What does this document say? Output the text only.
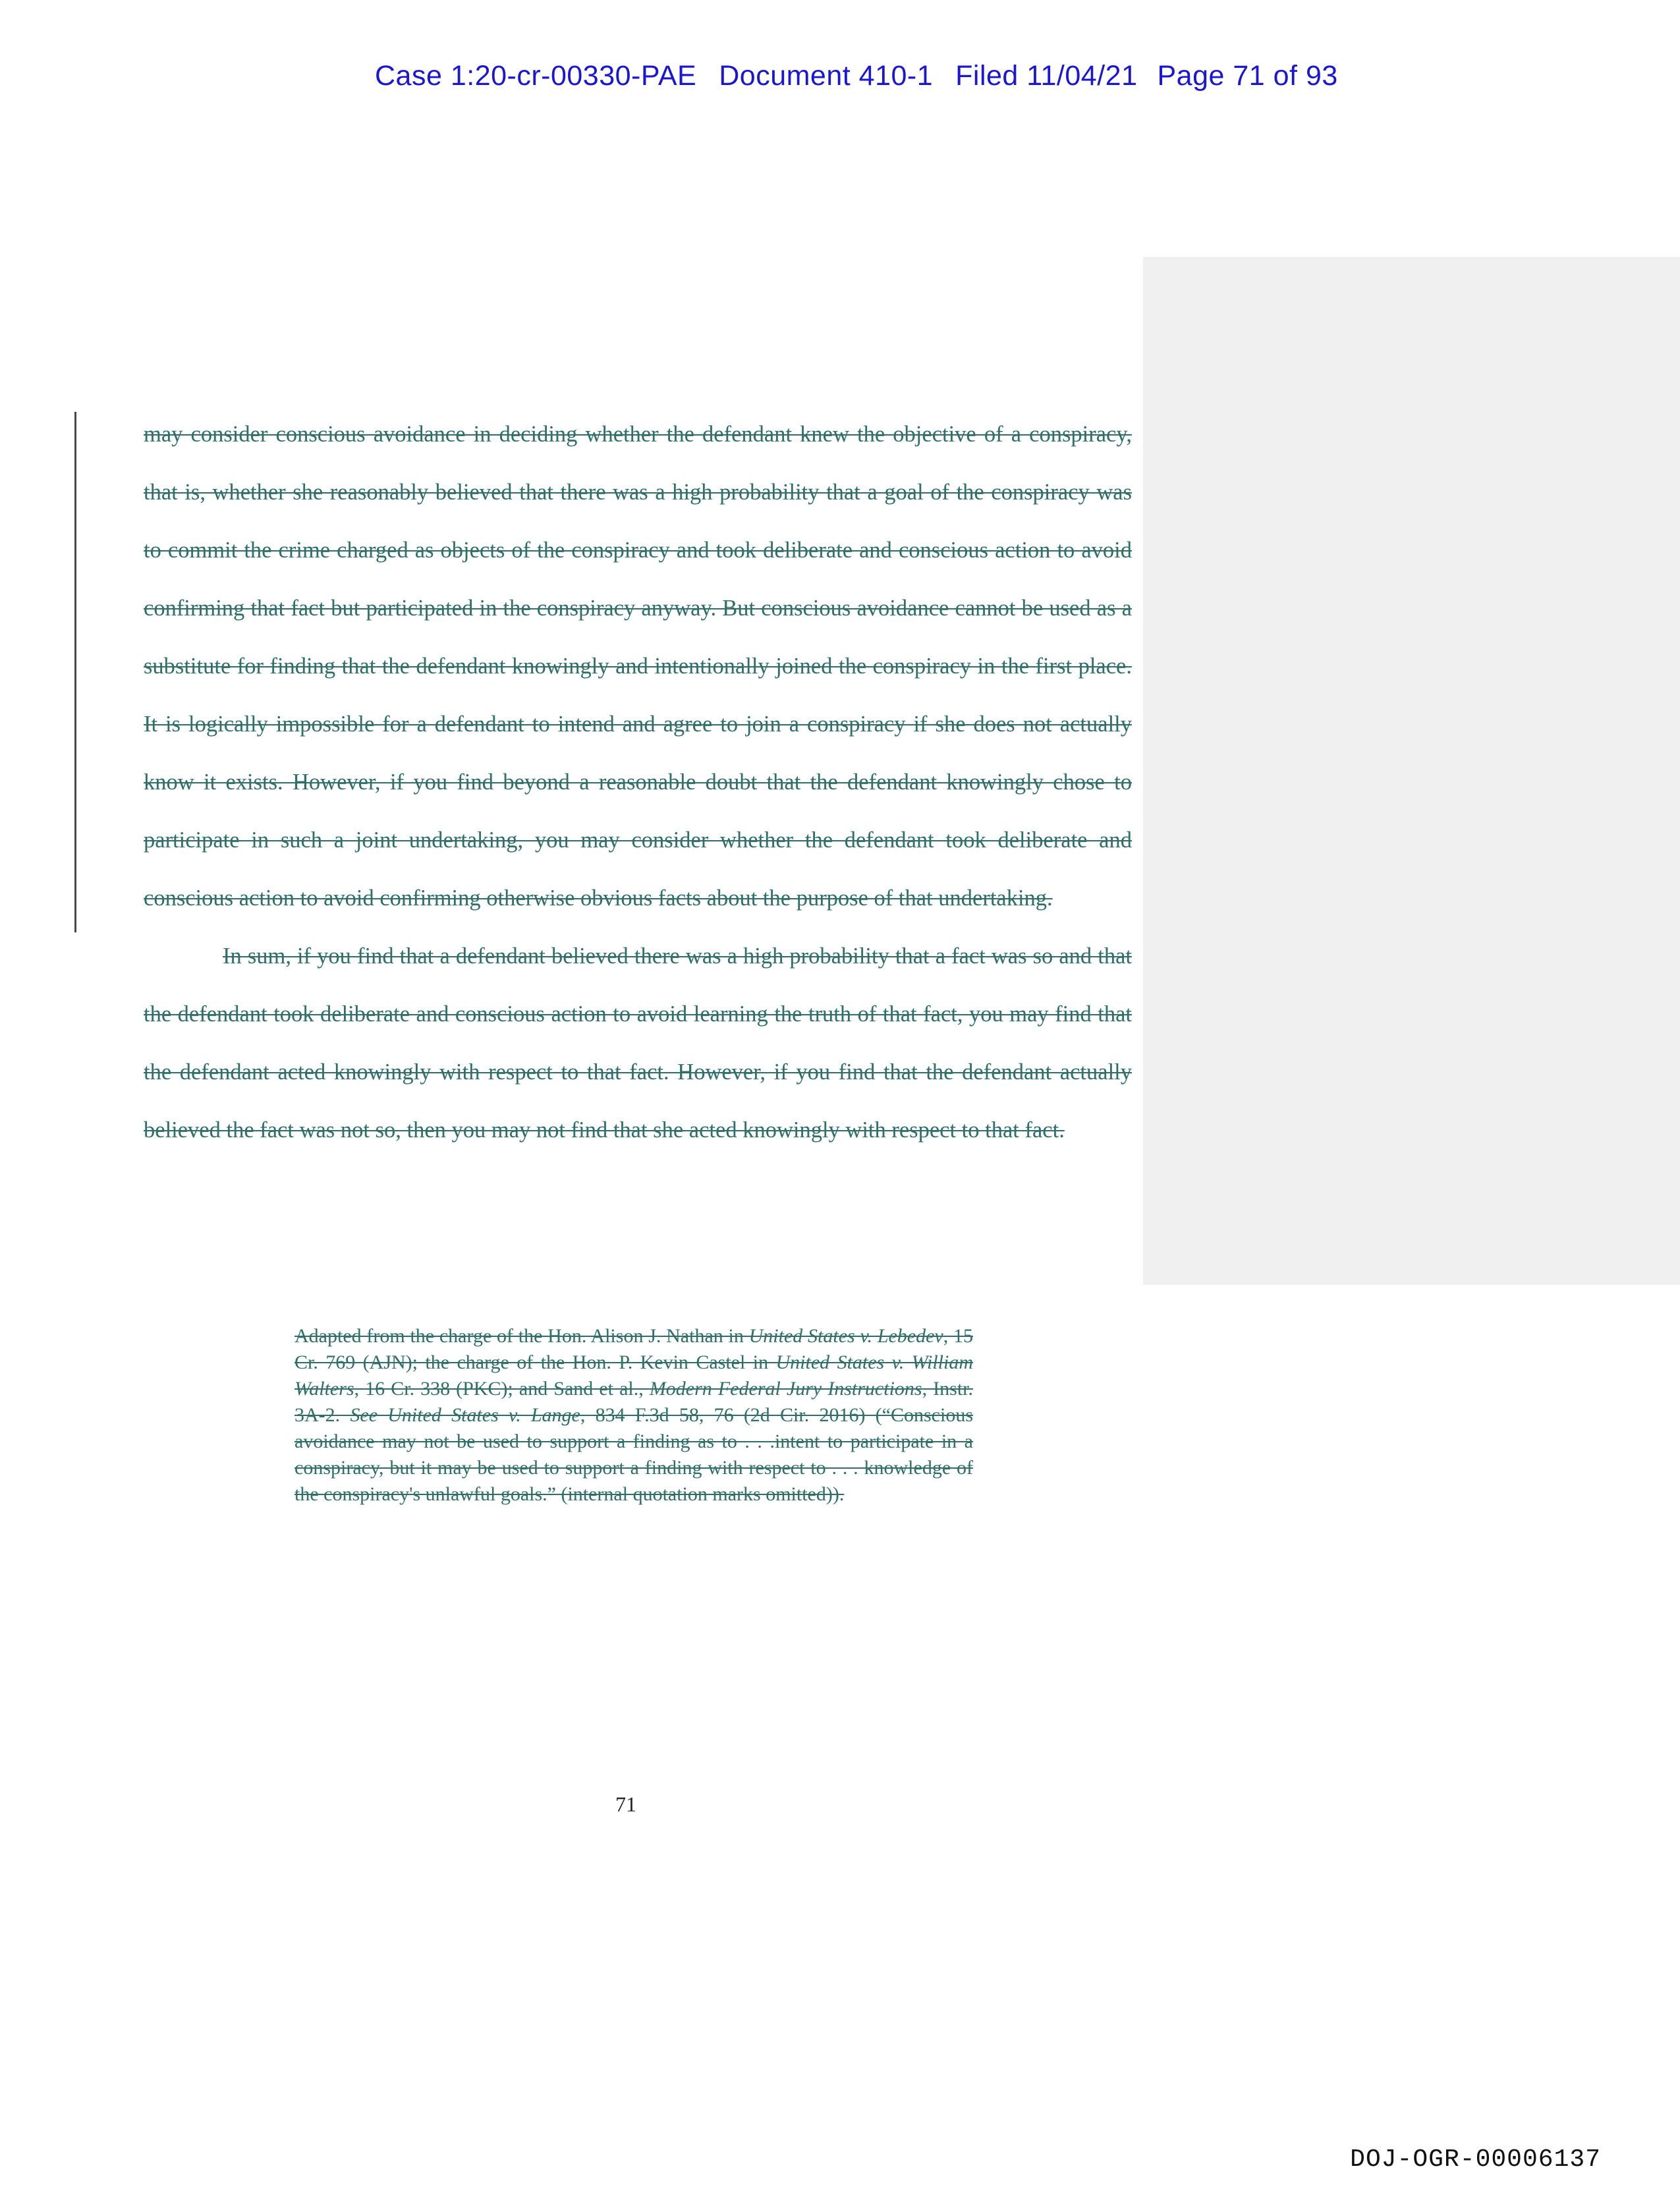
Case 1:20-cr-00330-PAE Document 410-1 Filed 11/04/21 Page 71 of 93

may consider conscious avoidance in deciding whether the defendant knew the objective of a conspiracy, that is, whether she reasonably believed that there was a high probability that a goal of the conspiracy was to commit the crime charged as objects of the conspiracy and took deliberate and conscious action to avoid confirming that fact but participated in the conspiracy anyway. But conscious avoidance cannot be used as a substitute for finding that the defendant knowingly and intentionally joined the conspiracy in the first place. It is logically impossible for a defendant to intend and agree to join a conspiracy if she does not actually know it exists. However, if you find beyond a reasonable doubt that the defendant knowingly chose to participate in such a joint undertaking, you may consider whether the defendant took deliberate and conscious action to avoid confirming otherwise obvious facts about the purpose of that undertaking.

In sum, if you find that a defendant believed there was a high probability that a fact was so and that the defendant took deliberate and conscious action to avoid learning the truth of that fact, you may find that the defendant acted knowingly with respect to that fact. However, if you find that the defendant actually believed the fact was not so, then you may not find that she acted knowingly with respect to that fact.

Adapted from the charge of the Hon. Alison J. Nathan in United States v. Lebedev, 15 Cr. 769 (AJN); the charge of the Hon. P. Kevin Castel in United States v. William Walters, 16 Cr. 338 (PKC); and Sand et al., Modern Federal Jury Instructions, Instr. 3A-2. See United States v. Lange, 834 F.3d 58, 76 (2d Cir. 2016) (“Conscious avoidance may not be used to support a finding as to . . .intent to participate in a conspiracy, but it may be used to support a finding with respect to . . . knowledge of the conspiracy's unlawful goals.” (internal quotation marks omitted)).

71
DOJ-OGR-00006137
